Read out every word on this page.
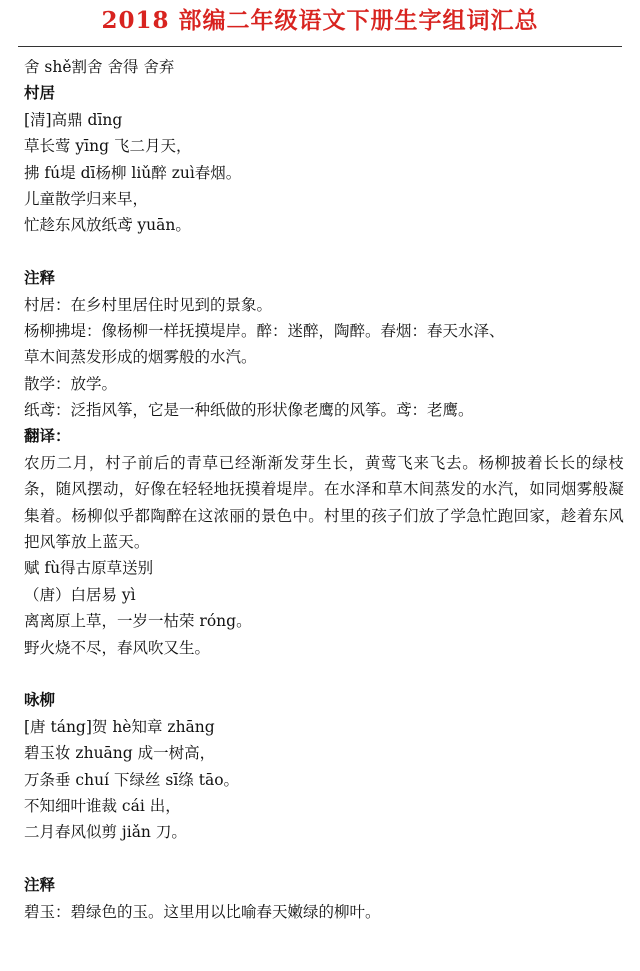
2018 部编二年级语文下册生字组词汇总
舍 shě割舍 舍得 舍弃
村居
[清]高鼎 dīng
草长莺 yīng 飞二月天，
拂 fú堤 dī杨柳 liǔ醉 zuì春烟。
儿童散学归来早，
忙趁东风放纸鸢 yuān。
注释
村居：在乡村里居住时见到的景象。
杨柳拂堤：像杨柳一样抚摸堤岸。醉：迷醉，陶醉。春烟：春天水泽、
草木间蒸发形成的烟雾般的水汽。
散学：放学。
纸鸢：泛指风筝，它是一种纸做的形状像老鹰的风筝。鸢：老鹰。
翻译：

农历二月，村子前后的青草已经渐渐发芽生长，黄莺飞来飞去。杨柳披着长长的绿枝条，随风摆动，好像在轻轻地抚摸着堤岸。在水泽和草木间蒸发的水汽，如同烟雾般凝集着。杨柳似乎都陶醉在这浓丽的景色中。村里的孩子们放了学急忙跑回家，趁着东风把风筝放上蓝天。

赋 fù得古原草送别
（唐）白居易 yì
离离原上草，一岁一枯荣 róng。
野火烧不尽，春风吹又生。
咏柳
[唐 táng]贺 hè知章 zhāng
碧玉妆 zhuāng 成一树高，
万条垂 chuí 下绿丝 sī绦 tāo。
不知细叶谁裁 cái 出，
二月春风似剪 jiǎn 刀。
注释
碧玉：碧绿色的玉。这里用以比喻春天嫩绿的柳叶。
